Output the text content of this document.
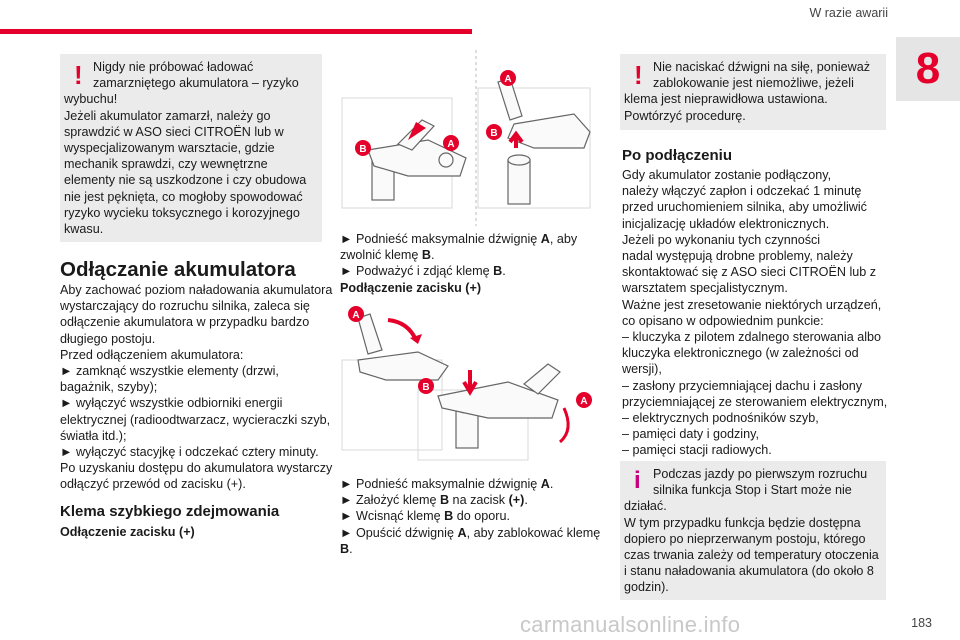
W razie awarii
8
! Nigdy nie próbować ładować
zamarzniętego akumulatora – ryzyko
wybuchu!
Jeżeli akumulator zamarzł, należy go
sprawdzić w ASO sieci CITROËN lub w
wyspecjalizowanym warsztacie, gdzie
mechanik sprawdzi, czy wewnętrzne
elementy nie są uszkodzone i czy obudowa
nie jest pęknięta, co mogłoby spowodować
ryzyko wycieku toksycznego i korozyjnego
kwasu.
Odłączanie akumulatora
Aby zachować poziom naładowania akumulatora
wystarczający do rozruchu silnika, zaleca się
odłączenie akumulatora w przypadku bardzo
długiego postoju.
Przed odłączeniem akumulatora:
► zamknąć wszystkie elementy (drzwi,
bagażnik, szyby);
► wyłączyć wszystkie odbiorniki energii
elektrycznej (radioodtwarzacz, wycieraczki szyb,
światła itd.);
► wyłączyć stacyjkę i odczekać cztery minuty.
Po uzyskaniu dostępu do akumulatora wystarczy
odłączyć przewód od zacisku (+).
Klema szybkiego zdejmowania
Odłączenie zacisku (+)
B	A
A
B
► Podnieść maksymalnie dźwignię A, aby
zwolnić klemę B.
► Podważyć i zdjąć klemę B.
Podłączenie zacisku (+)
A
B
A
► Podnieść maksymalnie dźwignię A.
► Założyć klemę B na zacisk (+).
► Wcisnąć klemę B do oporu.
► Opuścić dźwignię A, aby zablokować klemę
B.
! Nie naciskać dźwigni na siłę, ponieważ
zablokowanie jest niemożliwe, jeżeli
klema jest nieprawidłowa ustawiona.
Powtórzyć procedurę.
Po podłączeniu
Gdy akumulator zostanie podłączony,
należy włączyć zapłon i odczekać 1 minutę
przed uruchomieniem silnika, aby umożliwić
inicjalizację układów elektronicznych.
Jeżeli po wykonaniu tych czynności
nadal występują drobne problemy, należy
skontaktować się z ASO sieci CITROËN lub z
warsztatem specjalistycznym.
Ważne jest zresetowanie niektórych urządzeń,
co opisano w odpowiednim punkcie:
– kluczyka z pilotem zdalnego sterowania albo
kluczyka elektronicznego (w zależności od
wersji),
– zasłony przyciemniającej dachu i zasłony
przyciemniającej ze sterowaniem elektrycznym,
– elektrycznych podnośników szyb,
– pamięci daty i godziny,
– pamięci stacji radiowych.
i Podczas jazdy po pierwszym rozruchu
silnika funkcja Stop i Start może nie
działać.
W tym przypadku funkcja będzie dostępna
dopiero po nieprzerwanym postoju, którego
czas trwania zależy od temperatury otoczenia
i stanu naładowania akumulatora (do około 8
godzin).
carmanualsonline.info	183
